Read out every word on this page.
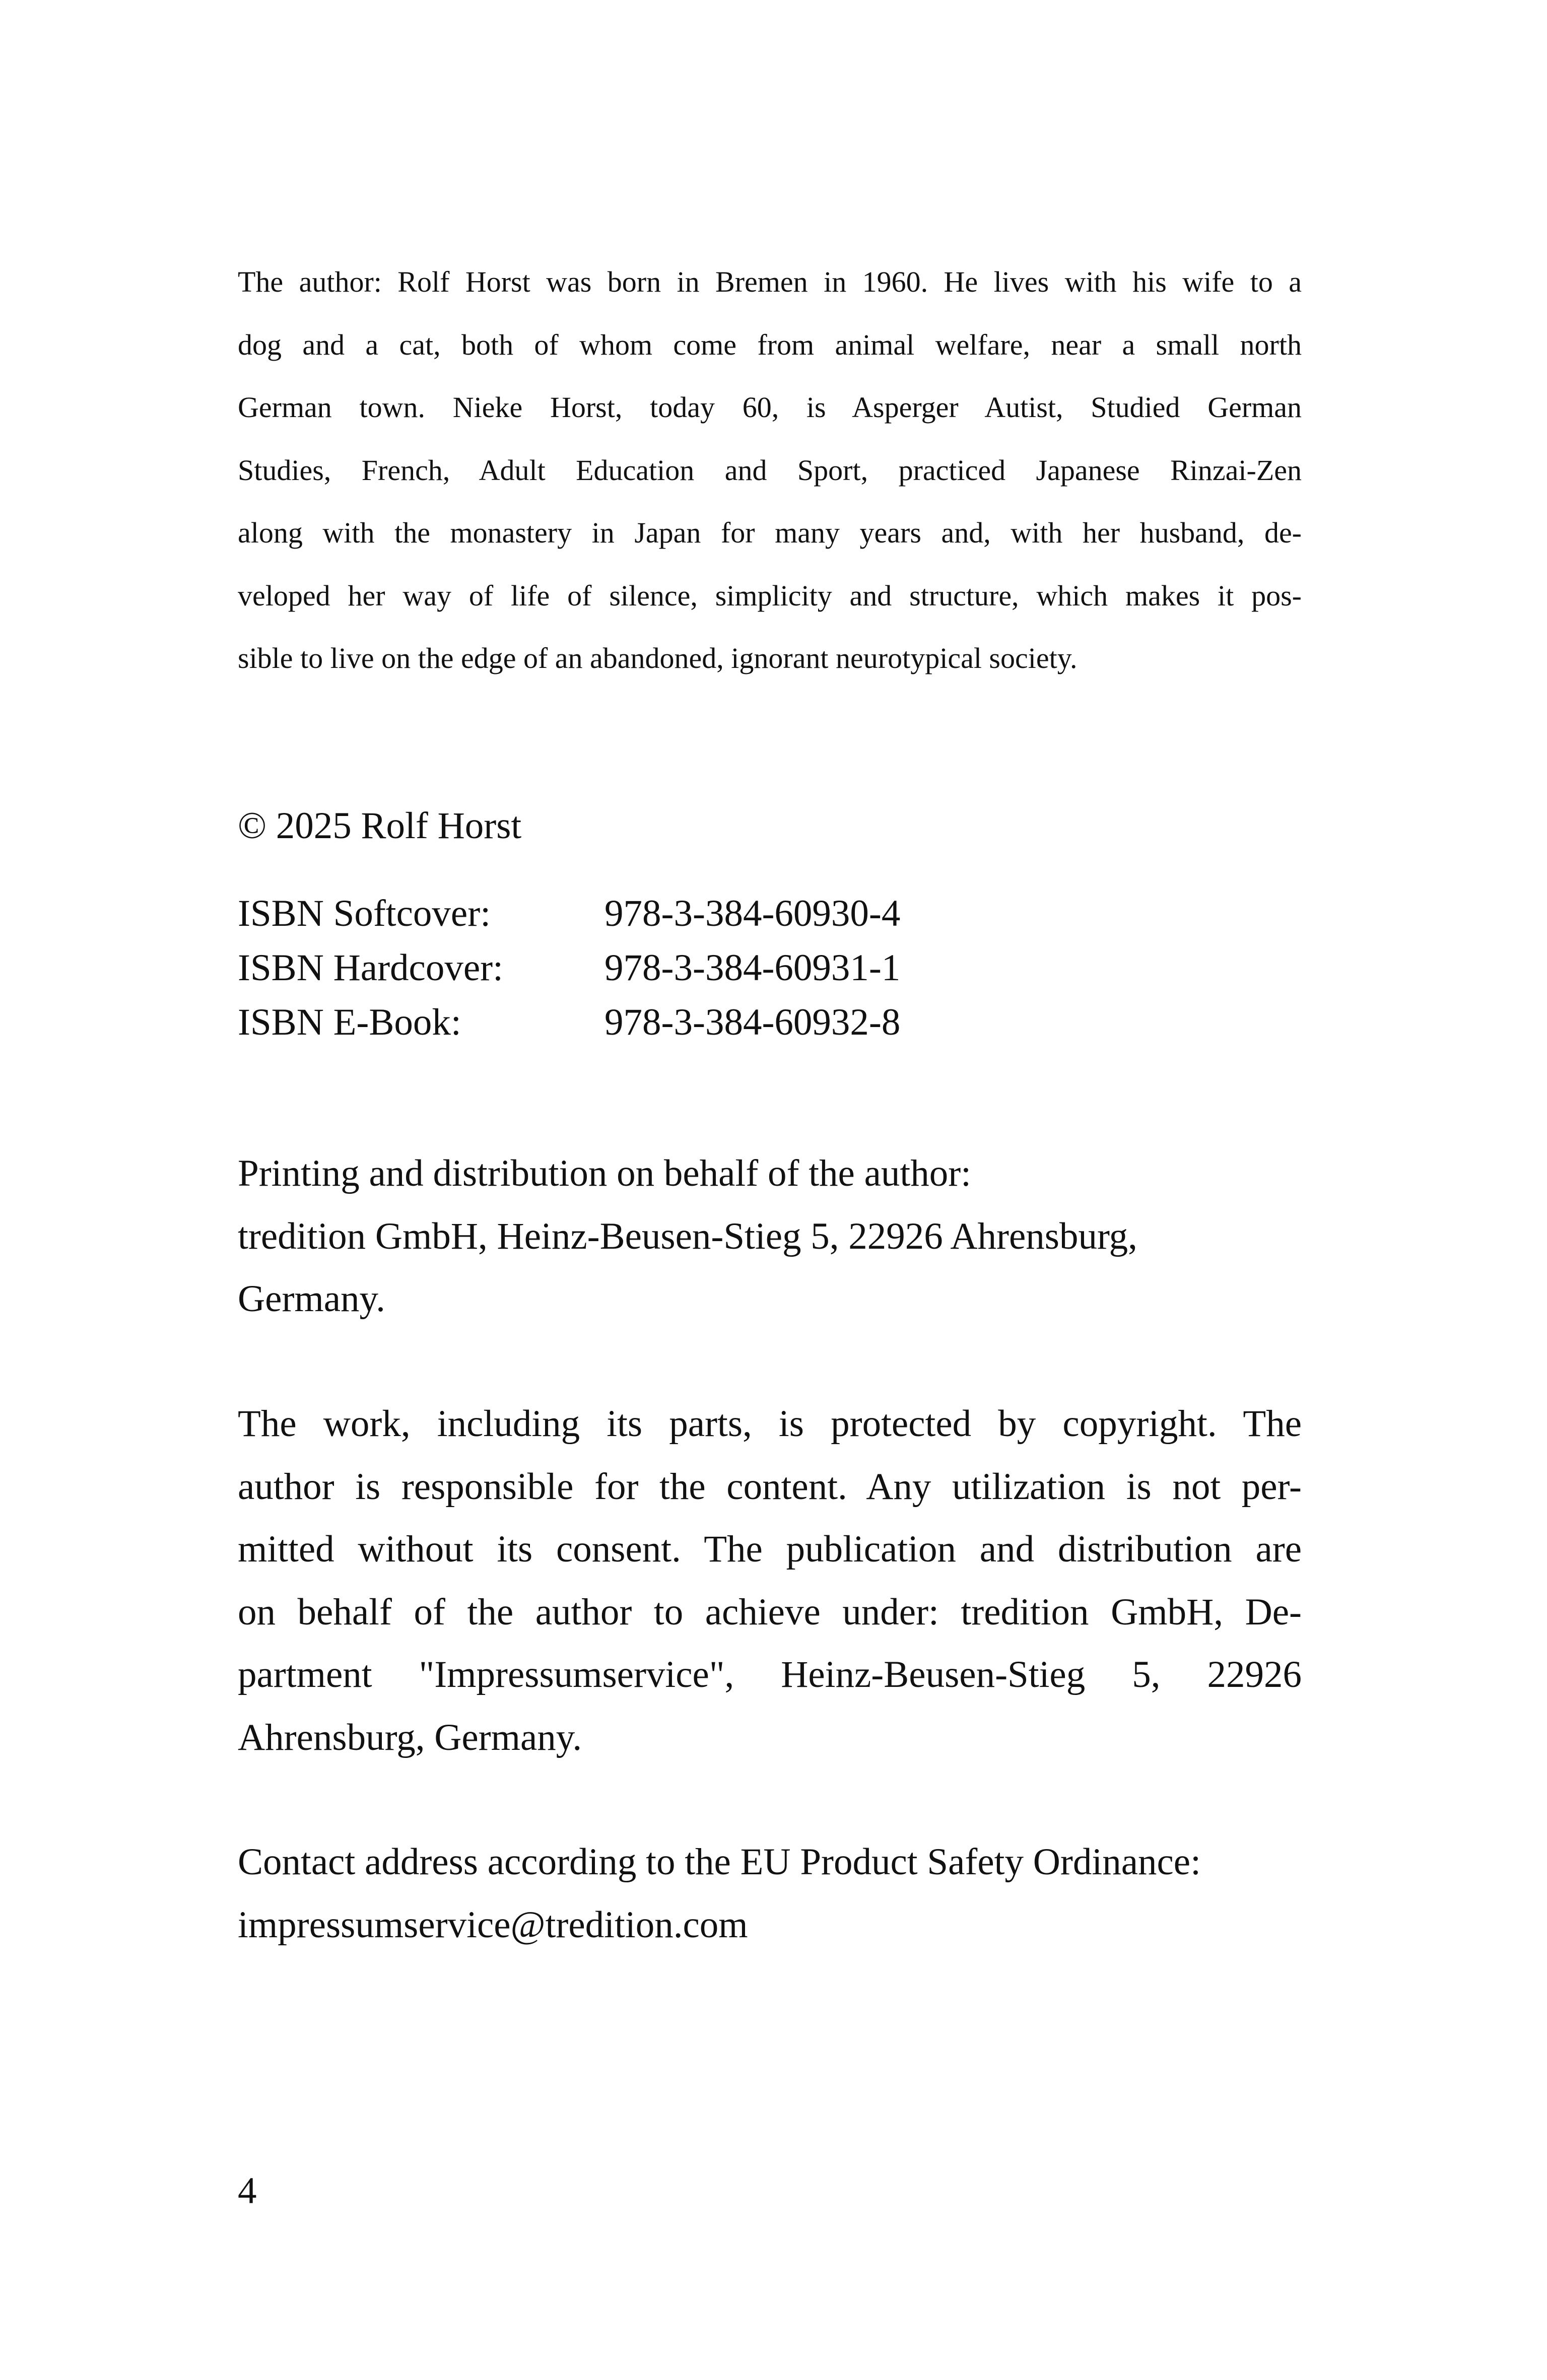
The author: Rolf Horst was born in Bremen in 1960. He lives with his wife to a
dog and a cat, both of whom come from animal welfare, near a small north
German town. Nieke Horst, today 60, is Asperger Autist, Studied German
Studies, French, Adult Education and Sport, practiced Japanese Rinzai-Zen
along with the monastery in Japan for many years and, with her husband, de-
veloped her way of life of silence, simplicity and structure, which makes it pos-
sible to live on the edge of an abandoned, ignorant neurotypical society.
© 2025 Rolf Horst
ISBN Softcover:	978-3-384-60930-4
ISBN Hardcover:	978-3-384-60931-1
ISBN E-Book:	978-3-384-60932-8
Printing and distribution on behalf of the author:
tredition GmbH, Heinz-Beusen-Stieg 5, 22926 Ahrensburg,
Germany.
The work, including its parts, is protected by copyright. The
author is responsible for the content. Any utilization is not per-
mitted without its consent. The publication and distribution are
on behalf of the author to achieve under: tredition GmbH, De-
partment "Impressumservice", Heinz-Beusen-Stieg 5, 22926
Ahrensburg, Germany.
Contact address according to the EU Product Safety Ordinance:
impressumservice@tredition.com
4
